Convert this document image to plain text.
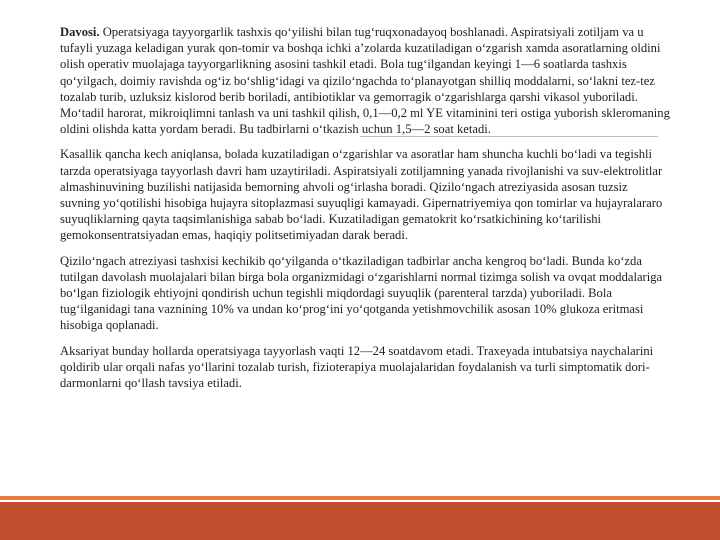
Davosi. Operatsiyaga tayyorgarlik tashxis qo‘yilishi bilan tug‘ruqxonadayoq boshlanadi. Aspiratsiyali zotiljam va u tufayli yuzaga keladigan yurak qon-tomir va boshqa ichki a’zolarda kuzatiladigan o‘zgarish xamda asoratlarning oldini olish operativ muolajaga tayyorgarlikning asosini tashkil etadi. Bola tug‘ilgandan keyingi 1—6 soatlarda tashxis qo‘yilgach, doimiy ravishda og‘iz bo‘shlig‘idagi va qizilo‘ngachda to‘planayotgan shilliq moddalarni, so‘lakni tez-tez tozalab turib, uzluksiz kislorod berib boriladi, antibiotiklar va gemorragik o‘zgarishlarga qarshi vikasol yuboriladi. Mo‘tadil harorat, mikroiqlimni tanlash va uni tashkil qilish, 0,1—0,2 ml YE vitaminini teri ostiga yuborish skleromaning oldini olishda katta yordam beradi. Bu tadbirlarni o‘tkazish uchun 1,5—2 soat ketadi.

Kasallik qancha kech aniqlansa, bolada kuzatiladigan o‘zgarishlar va asoratlar ham shuncha kuchli bo‘ladi va tegishli tarzda operatsiyaga tayyorlash davri ham uzaytiriladi. Aspiratsiyali zotiljamning yanada rivojlanishi va suv-elektrolitlar almashinuvining buzilishi natijasida bemorning ahvoli og‘irlasha boradi. Qizilo‘ngach atreziyasida asosan tuzsiz suvning yo‘qotilishi hisobiga hujayra sitoplazmasi suyuqligi kamayadi. Gipernatriyemiya qon tomirlar va hujayralararo suyuqliklarning qayta taqsimlanishiga sabab bo‘ladi. Kuzatiladigan gematokrit ko‘rsatkichining ko‘tarilishi gemokonsentratsiyadan emas, haqiqiy politsetimiyadan darak beradi.

Qizilo‘ngach atreziyasi tashxisi kechikib qo‘yilganda o‘tkaziladigan tadbirlar ancha kengroq bo‘ladi. Bunda ko‘zda tutilgan davolash muolajalari bilan birga bola organizmidagi o‘zgarishlarni normal tizimga solish va ovqat moddalariga bo‘lgan fiziologik ehtiyojni qondirish uchun tegishli miqdordagi suyuqlik (parenteral tarzda) yuboriladi. Bola tug‘ilganidagi tana vaznining 10% va undan ko‘prog‘ini yo‘qotganda yetishmovchilik asosan 10% glukoza eritmasi hisobiga qoplanadi.

Aksariyat bunday hollarda operatsiyaga tayyorlash vaqti 12—24 soatdavom etadi. Traxeyada intubatsiya naychalarini qoldirib ular orqali nafas yo‘llarini tozalab turish, fizioterapiya muolajalaridan foydalanish va turli simptomatik dori-darmonlarni qo‘llash tavsiya etiladi.
